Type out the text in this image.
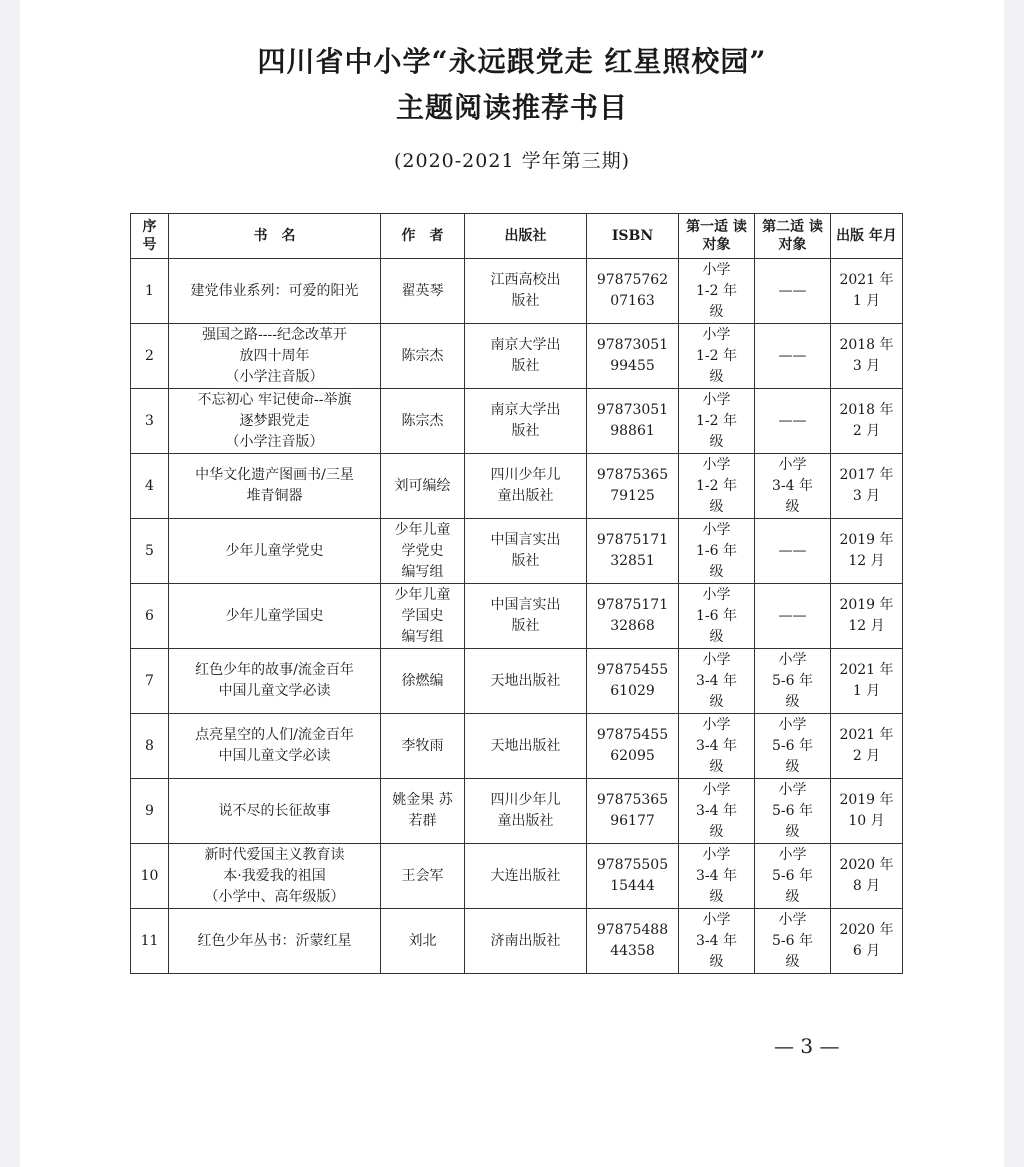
四川省中小学“永远跟党走 红星照校园”
主题阅读推荐书目
(2020-2021 学年第三期)
序 号	书　名	作　者	出版社	ISBN	第一适 读对象	第二适 读对象	出版 年月
1	建党伟业系列：可爱的阳光	翟英琴	江西高校出
版社	97875762
07163	小学
1-2 年
级	——	2021 年
1 月
2	强国之路----纪念改革开
放四十周年
（小学注音版）	陈宗杰	南京大学出
版社	97873051
99455	小学
1-2 年
级	——	2018 年
3 月
3	不忘初心 牢记使命--举旗
逐梦跟党走
（小学注音版）	陈宗杰	南京大学出
版社	97873051
98861	小学
1-2 年
级	——	2018 年
2 月
4	中华文化遗产图画书/三星
堆青铜器	刘可编绘	四川少年儿
童出版社	97875365
79125	小学
1-2 年
级	小学
3-4 年
级	2017 年
3 月
5	少年儿童学党史	少年儿童
学党史
编写组	中国言实出
版社	97875171
32851	小学
1-6 年
级	——	2019 年
12 月
6	少年儿童学国史	少年儿童
学国史
编写组	中国言实出
版社	97875171
32868	小学
1-6 年
级	——	2019 年
12 月
7	红色少年的故事/流金百年
中国儿童文学必读	徐燃编	天地出版社	97875455
61029	小学
3-4 年
级	小学
5-6 年
级	2021 年
1 月
8	点亮星空的人们/流金百年
中国儿童文学必读	李牧雨	天地出版社	97875455
62095	小学
3-4 年
级	小学
5-6 年
级	2021 年
2 月
9	说不尽的长征故事	姚金果 苏
若群	四川少年儿
童出版社	97875365
96177	小学
3-4 年
级	小学
5-6 年
级	2019 年
10 月
10	新时代爱国主义教育读
本·我爱我的祖国
（小学中、高年级版）	王会军	大连出版社	97875505
15444	小学
3-4 年
级	小学
5-6 年
级	2020 年
8 月
11	红色少年丛书：沂蒙红星	刘北	济南出版社	97875488
44358	小学
3-4 年
级	小学
5-6 年
级	2020 年
6 月
— 3 —
